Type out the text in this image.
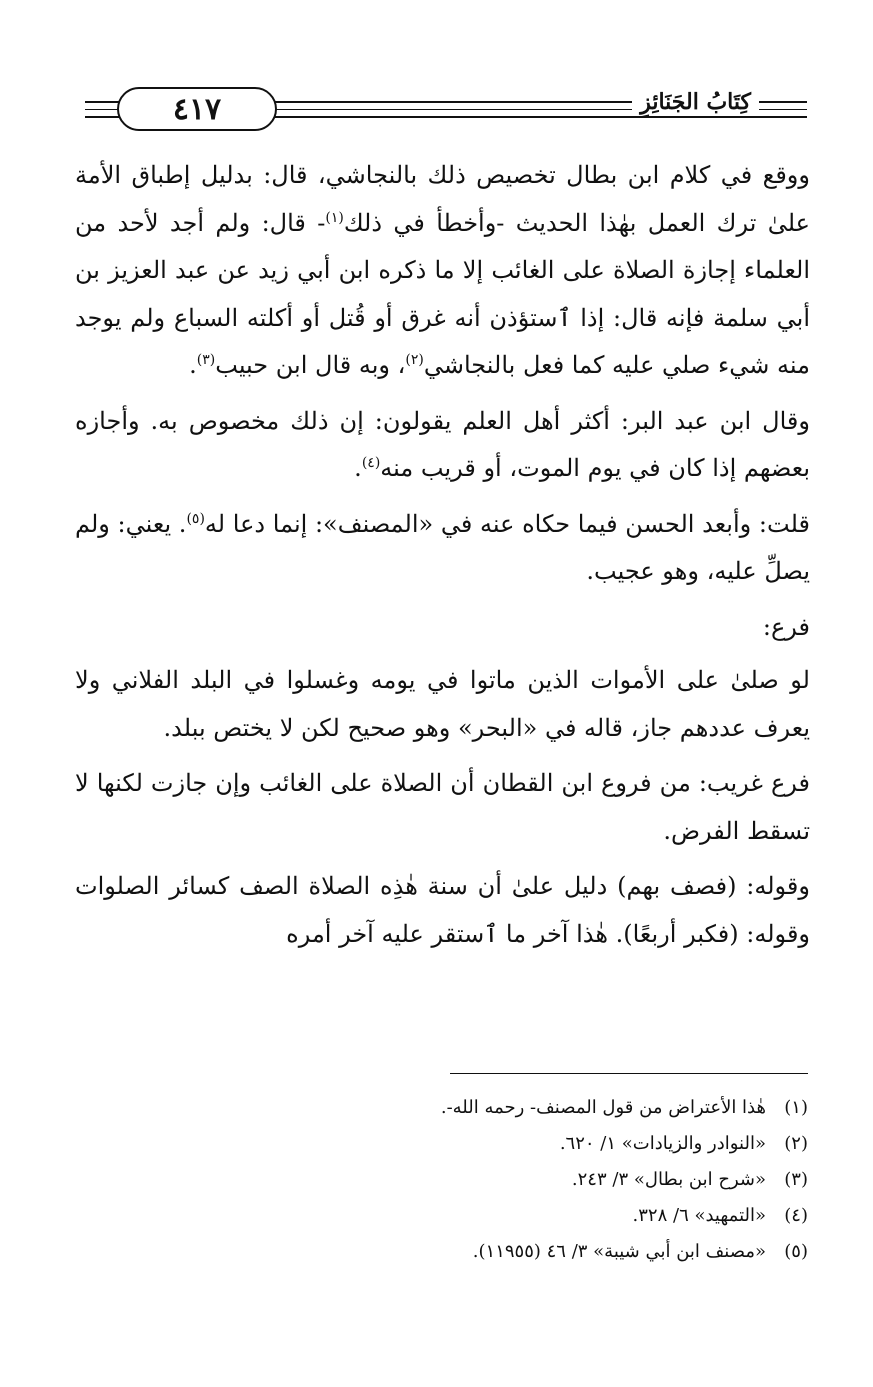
٤١٧	كِتَابُ الجَنَائِزِ

ووقع في كلام ابن بطال تخصيص ذلك بالنجاشي، قال: بدليل إطباق الأمة علىٰ ترك العمل بهٰذا الحديث -وأخطأ في ذلك$^{(١)}$- قال: ولم أجد لأحد من العلماء إجازة الصلاة على الغائب إلا ما ذكره ابن أبي زيد عن عبد العزيز بن أبي سلمة فإنه قال: إذا ٱستؤذن أنه غرق أو قُتل أو أكلته السباع ولم يوجد منه شيء صلي عليه كما فعل بالنجاشي$^{(٢)}$، وبه قال ابن حبيب$^{(٣)}$.

وقال ابن عبد البر: أكثر أهل العلم يقولون: إن ذلك مخصوص به. وأجازه بعضهم إذا كان في يوم الموت، أو قريب منه$^{(٤)}$.

قلت: وأبعد الحسن فيما حكاه عنه في «المصنف»: إنما دعا له$^{(٥)}$. يعني: ولم يصلِّ عليه، وهو عجيب.

فرع:

لو صلىٰ على الأموات الذين ماتوا في يومه وغسلوا في البلد الفلاني ولا يعرف عددهم جاز، قاله في «البحر» وهو صحيح لكن لا يختص ببلد.

فرع غريب: من فروع ابن القطان أن الصلاة على الغائب وإن جازت لكنها لا تسقط الفرض.

وقوله: (فصف بهم) دليل علىٰ أن سنة هٰذِه الصلاة الصف كسائر الصلوات وقوله: (فكبر أربعًا). هٰذا آخر ما ٱستقر عليه آخر أمره

(١)
هٰذا الأعتراض من قول المصنف- رحمه الله-.
(٢)
«النوادر والزيادات» ١/ ٦٢٠.
(٣)
«شرح ابن بطال» ٣/ ٢٤٣.
(٤)
«التمهيد» ٦/ ٣٢٨.
(٥)
«مصنف ابن أبي شيبة» ٣/ ٤٦ (١١٩٥٥).
